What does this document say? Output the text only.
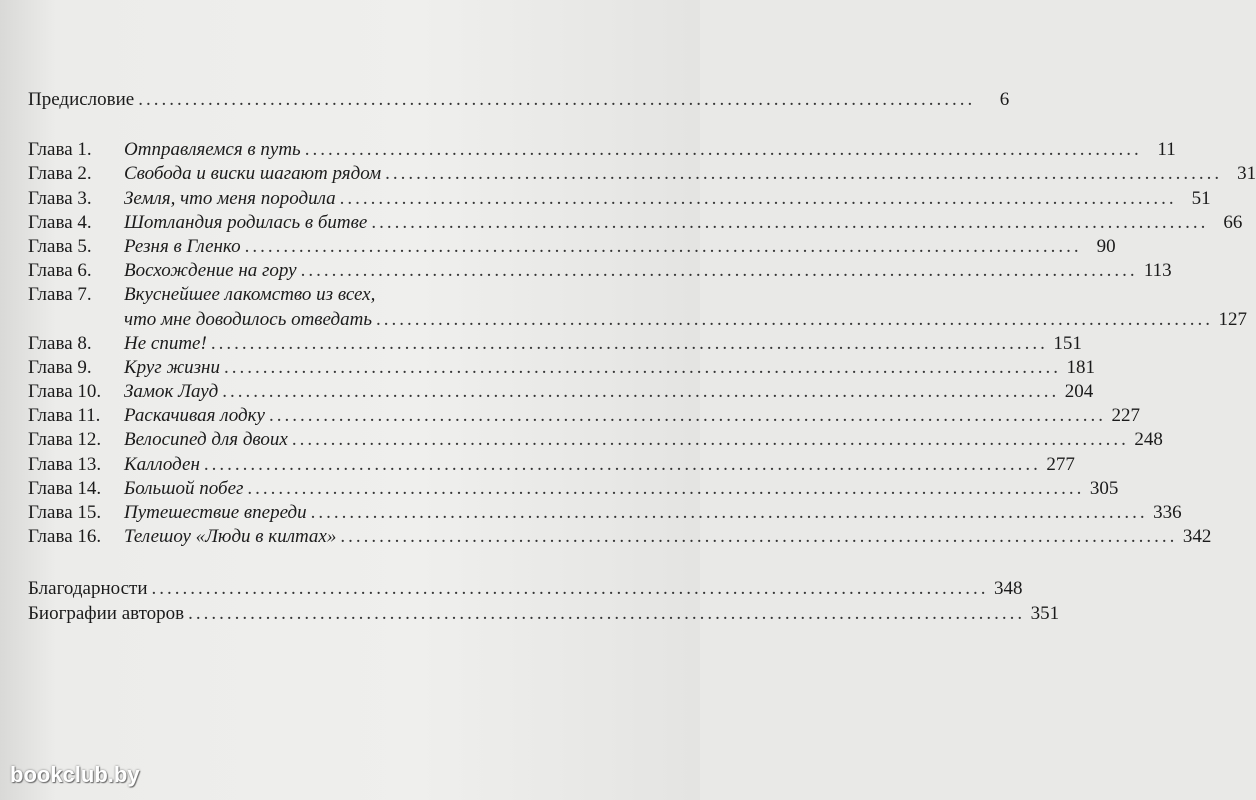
Предисловие ............................................................................................................	6
Глава 1.	Отправляемся в путь ............................................................................................................ 11
Глава 2.	Свобода и виски шагают рядом ............................................................................................................ 31
Глава 3.	Земля, что меня породила ............................................................................................................ 51
Глава 4.	Шотландия родилась в битве ............................................................................................................ 66
Глава 5.	Резня в Гленко ............................................................................................................ 90
Глава 6.	Восхождение на гору ............................................................................................................ 113
Глава 7.	Вкуснейшее лакомство из всех,
что мне доводилось отведать ............................................................................................................ 127
Глава 8.	Не спите! ............................................................................................................ 151
Глава 9.	Круг жизни ............................................................................................................ 181
Глава 10.	Замок Лауд ............................................................................................................ 204
Глава 11.	Раскачивая лодку ............................................................................................................ 227
Глава 12.	Велосипед для двоих ............................................................................................................ 248
Глава 13.	Каллоден ............................................................................................................ 277
Глава 14.	Большой побег ............................................................................................................ 305
Глава 15.	Путешествие впереди ............................................................................................................ 336
Глава 16.	Телешоу «Люди в килтах» ............................................................................................................ 342
Благодарности ............................................................................................................ 348
Биографии авторов ............................................................................................................ 351
bookclub.by
